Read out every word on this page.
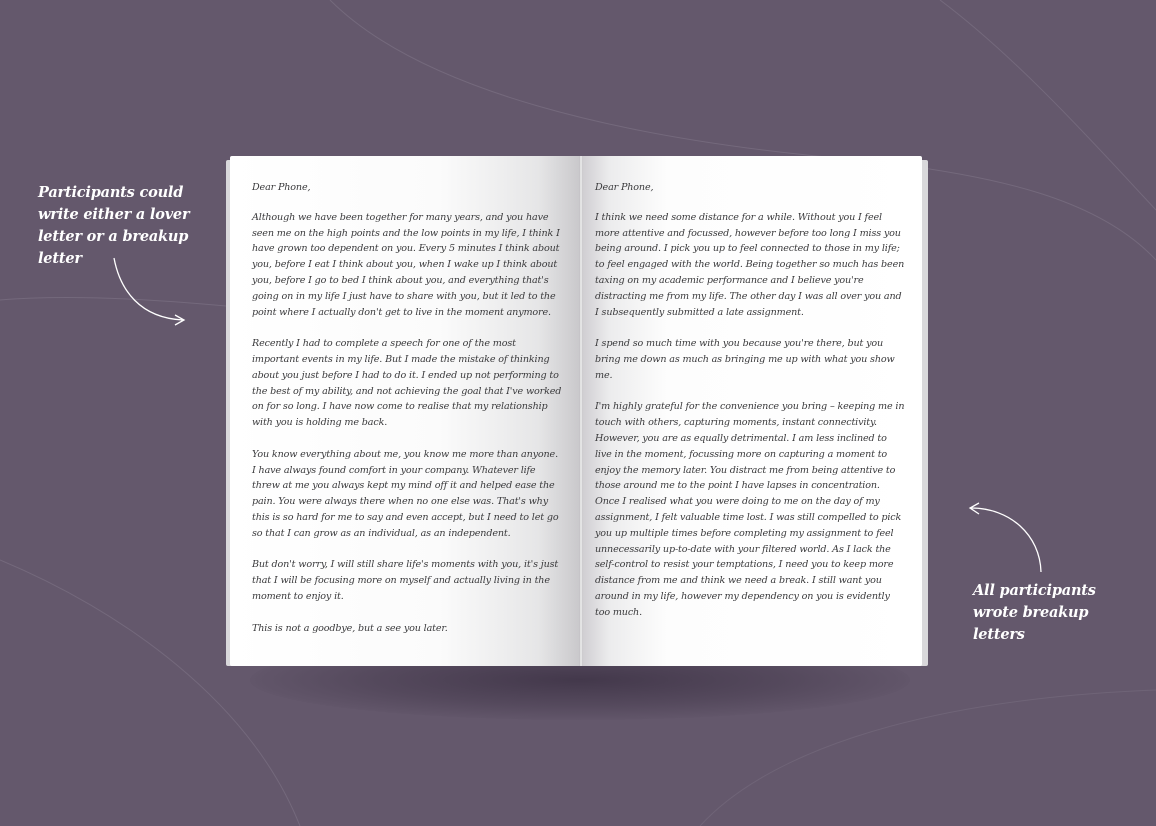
Participants could write either a lover letter or a breakup letter
All participants wrote breakup letters
Dear Phone,

Although we have been together for many years, and you have seen me on the high points and the low points in my life, I think I have grown too dependent on you. Every 5 minutes I think about you, before I eat I think about you, when I wake up I think about you, before I go to bed I think about you, and everything that's going on in my life I just have to share with you, but it led to the point where I actually don't get to live in the moment anymore.

Recently I had to complete a speech for one of the most important events in my life. But I made the mistake of thinking about you just before I had to do it. I ended up not performing to the best of my ability, and not achieving the goal that I've worked on for so long. I have now come to realise that my relationship with you is holding me back.

You know everything about me, you know me more than anyone. I have always found comfort in your company. Whatever life threw at me you always kept my mind off it and helped ease the pain. You were always there when no one else was. That's why this is so hard for me to say and even accept, but I need to let go so that I can grow as an individual, as an independent.

But don't worry, I will still share life's moments with you, it's just that I will be focusing more on myself and actually living in the moment to enjoy it.

This is not a goodbye, but a see you later.

Dear Phone,

I think we need some distance for a while. Without you I feel more attentive and focussed, however before too long I miss you being around. I pick you up to feel connected to those in my life; to feel engaged with the world. Being together so much has been taxing on my academic performance and I believe you're distracting me from my life. The other day I was all over you and I subsequently submitted a late assignment.

I spend so much time with you because you're there, but you bring me down as much as bringing me up with what you show me.

I'm highly grateful for the convenience you bring – keeping me in touch with others, capturing moments, instant connectivity. However, you are as equally detrimental. I am less inclined to live in the moment, focussing more on capturing a moment to enjoy the memory later. You distract me from being attentive to those around me to the point I have lapses in concentration. Once I realised what you were doing to me on the day of my assignment, I felt valuable time lost. I was still compelled to pick you up multiple times before completing my assignment to feel unnecessarily up-to-date with your filtered world. As I lack the self-control to resist your temptations, I need you to keep more distance from me and think we need a break. I still want you around in my life, however my dependency on you is evidently too much.
